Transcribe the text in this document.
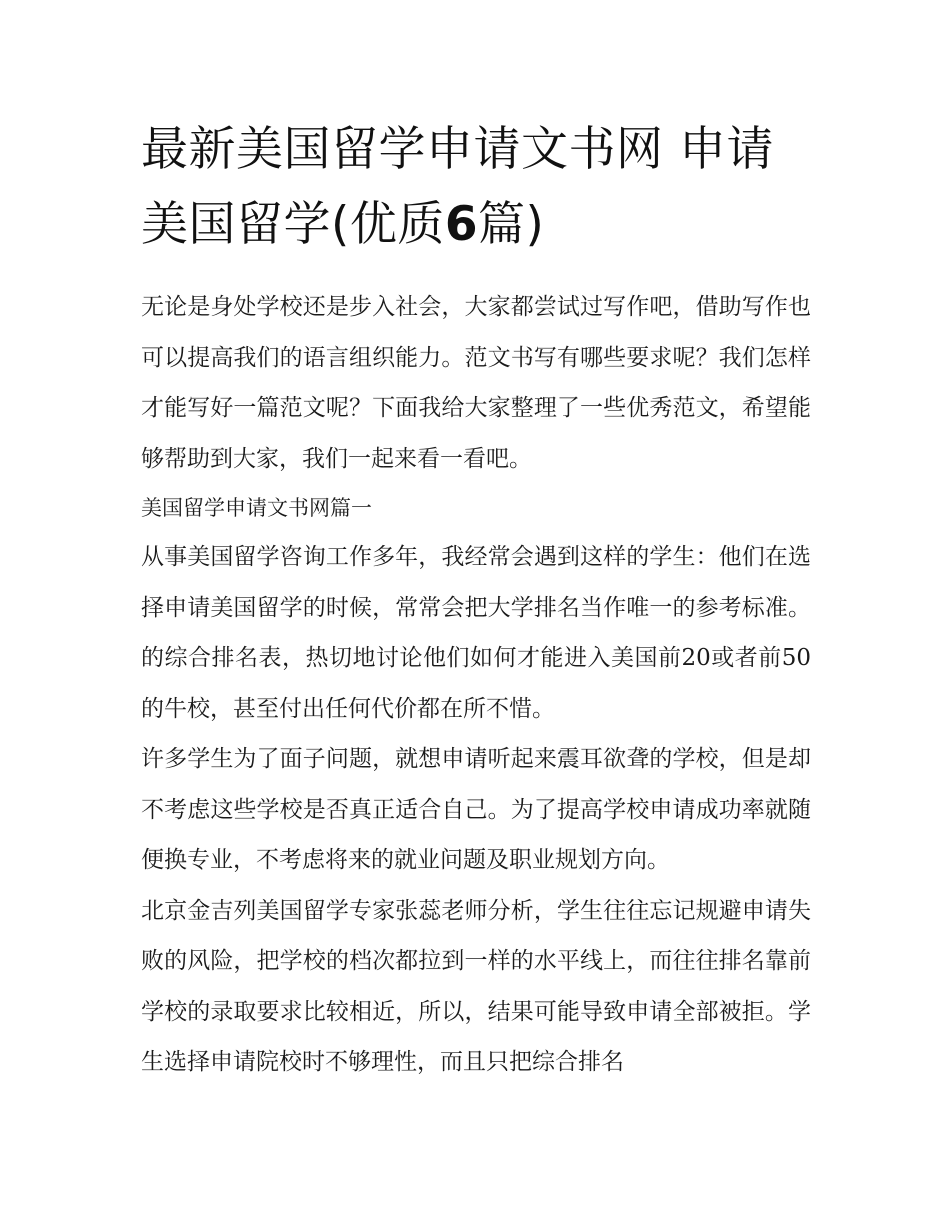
最新美国留学申请文书网 申请美国留学(优质6篇)

无论是身处学校还是步入社会，大家都尝试过写作吧，借助写作也可以提高我们的语言组织能力。范文书写有哪些要求呢？我们怎样才能写好一篇范文呢？下面我给大家整理了一些优秀范文，希望能够帮助到大家，我们一起来看一看吧。

美国留学申请文书网篇一

从事美国留学咨询工作多年，我经常会遇到这样的学生：他们在选择申请美国留学的时候，常常会把大学排名当作唯一的参考标准。的综合排名表，热切地讨论他们如何才能进入美国前20或者前50的牛校，甚至付出任何代价都在所不惜。

许多学生为了面子问题，就想申请听起来震耳欲聋的学校，但是却不考虑这些学校是否真正适合自己。为了提高学校申请成功率就随便换专业，不考虑将来的就业问题及职业规划方向。

北京金吉列美国留学专家张蕊老师分析，学生往往忘记规避申请失败的风险，把学校的档次都拉到一样的水平线上，而往往排名靠前学校的录取要求比较相近，所以，结果可能导致申请全部被拒。学生选择申请院校时不够理性，而且只把综合排名
